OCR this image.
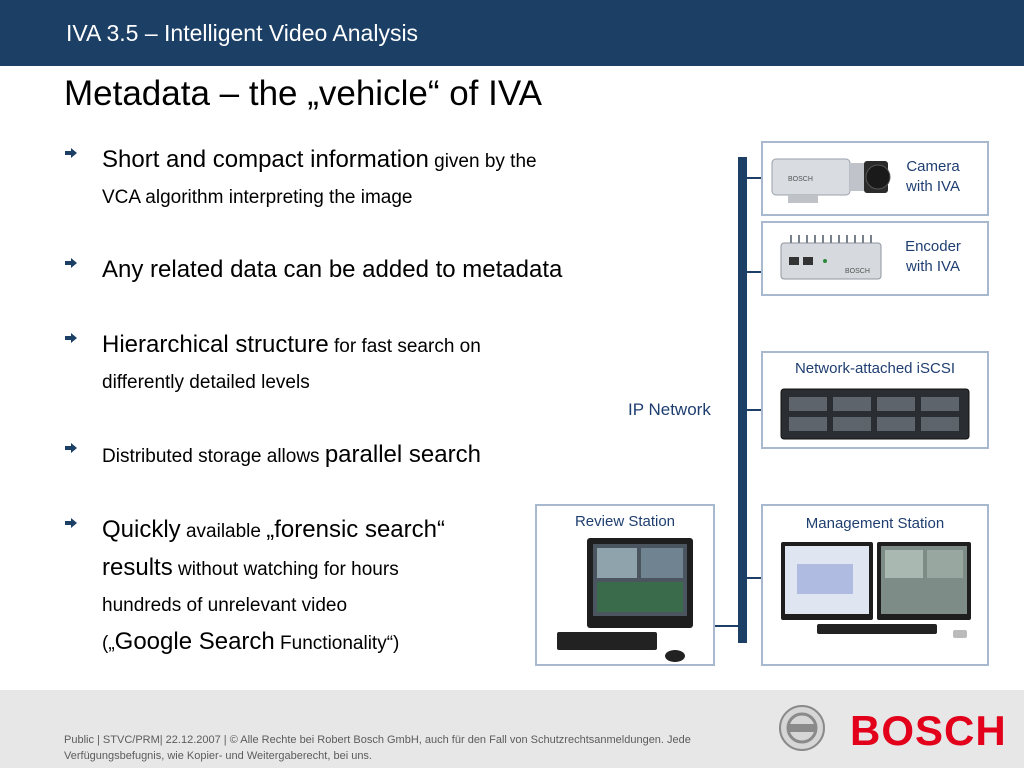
IVA 3.5 – Intelligent Video Analysis
Metadata – the „vehicle“ of IVA
Short and compact information given by the
VCA algorithm interpreting the image
Any related data can be added to metadata
Hierarchical structure for fast search on
differently detailed levels
Distributed storage allows parallel search
Quickly available „forensic search“
results without watching for hours
hundreds of unrelevant video
(„Google Search Functionality“)
IP Network
BOSCH
Camera
with IVA
BOSCH
Encoder
with IVA
Network-attached iSCSI
Review Station	Management Station
Public | STVC/PRM| 22.12.2007 | © Alle Rechte bei Robert Bosch GmbH, auch für den Fall von Schutzrechtsanmeldungen. Jede Verfügungsbefugnis, wie Kopier- und Weitergaberecht, bei uns.
BOSCH
